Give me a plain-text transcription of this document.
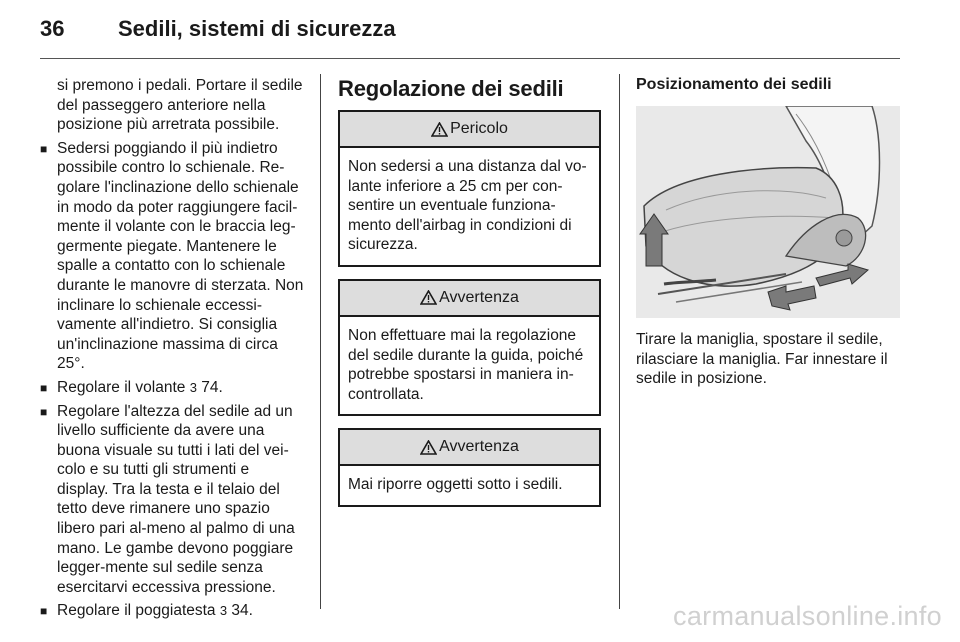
36 Sedili, sistemi di sicurezza

si premono i pedali. Portare il sedile del passeggero anteriore nella posizione più arretrata possibile.

■ Sedersi poggiando il più indietro possibile contro lo schienale. Re-golare l'inclinazione dello schienale in modo da poter raggiungere facil-mente il volante con le braccia leg-germente piegate. Mantenere le spalle a contatto con lo schienale durante le manovre di sterzata. Non inclinare lo schienale eccessi-vamente all'indietro. Si consiglia un'inclinazione massima di circa 25°.
■ Regolare il volante 3 74.
■ Regolare l'altezza del sedile ad un livello sufficiente da avere una buona visuale su tutti i lati del vei-colo e su tutti gli strumenti e display. Tra la testa e il telaio del tetto deve rimanere uno spazio libero pari al-meno al palmo di una mano. Le gambe devono poggiare legger-mente sul sedile senza esercitarvi eccessiva pressione.
■ Regolare il poggiatesta 3 34.
Regolazione dei sedili
Pericolo
Non sedersi a una distanza dal vo-lante inferiore a 25 cm per con-sentire un eventuale funziona-mento dell'airbag in condizioni di sicurezza.
Avvertenza
Non effettuare mai la regolazione del sedile durante la guida, poiché potrebbe spostarsi in maniera in-controllata.
Avvertenza
Mai riporre oggetti sotto i sedili.
Posizionamento dei sedili
Tirare la maniglia, spostare il sedile, rilasciare la maniglia. Far innestare il sedile in posizione.
carmanualsonline.info
